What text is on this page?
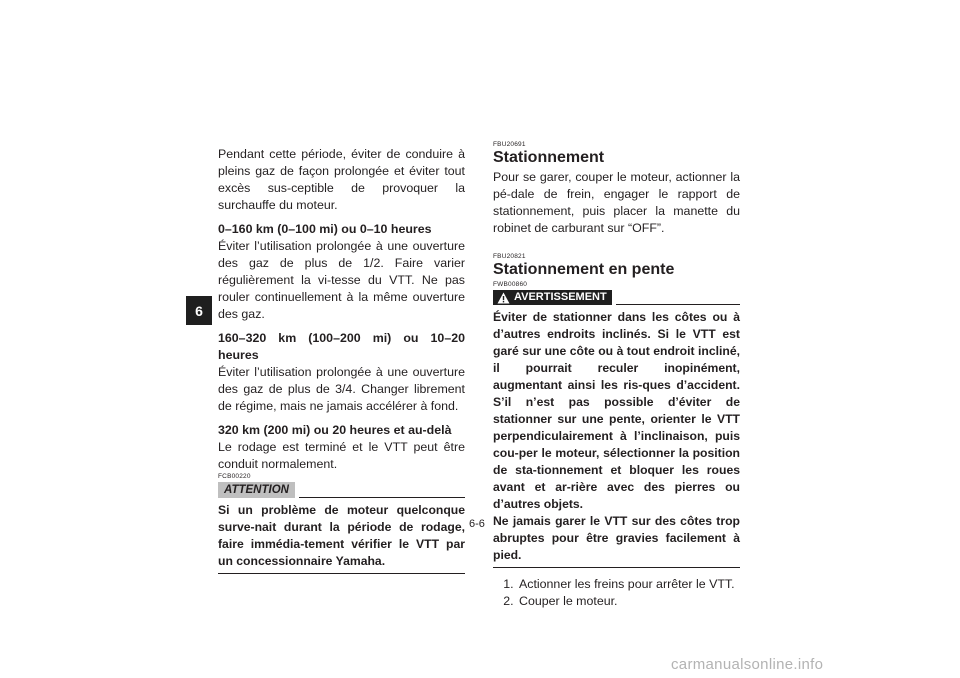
6

Pendant cette période, éviter de conduire à pleins gaz de façon prolongée et éviter tout excès sus-ceptible de provoquer la surchauffe du moteur.

0–160 km (0–100 mi) ou 0–10 heures

Éviter l’utilisation prolongée à une ouverture des gaz de plus de 1/2. Faire varier régulièrement la vi-tesse du VTT. Ne pas rouler continuellement à la même ouverture des gaz.

160–320 km (100–200 mi) ou 10–20 heures

Éviter l’utilisation prolongée à une ouverture des gaz de plus de 3/4. Changer librement de régime, mais ne jamais accélérer à fond.

320 km (200 mi) ou 20 heures et au-delà

Le rodage est terminé et le VTT peut être conduit normalement.

FCB00220
ATTENTION

Si un problème de moteur quelconque surve-nait durant la période de rodage, faire immédia-tement vérifier le VTT par un concessionnaire Yamaha.

FBU20691
Stationnement

Pour se garer, couper le moteur, actionner la pé-dale de frein, engager le rapport de stationnement, puis placer la manette du robinet de carburant sur “OFF”.

FBU20821
Stationnement en pente
FWB00860
AVERTISSEMENT

Éviter de stationner dans les côtes ou à d’autres endroits inclinés. Si le VTT est garé sur une côte ou à tout endroit incliné, il pourrait reculer inopinément, augmentant ainsi les ris-ques d’accident. S’il n’est pas possible d’éviter de stationner sur une pente, orienter le VTT perpendiculairement à l’inclinaison, puis cou-per le moteur, sélectionner la position de sta-tionnement et bloquer les roues avant et ar-rière avec des pierres ou d’autres objets.

Ne jamais garer le VTT sur des côtes trop abruptes pour être gravies facilement à pied.

1. Actionner les freins pour arrêter le VTT.
2. Couper le moteur.
6-6
carmanualsonline.info
